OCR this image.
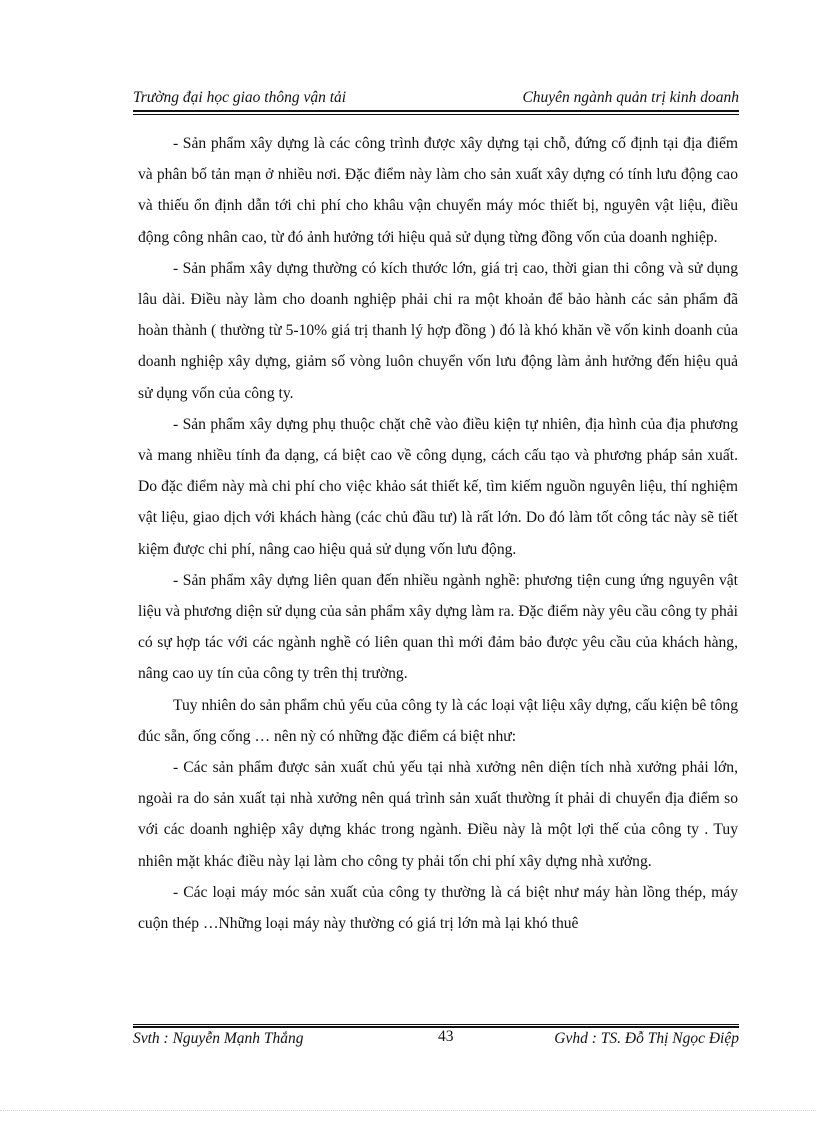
Trường đại học giao thông vận tải	Chuyên ngành quản trị kinh doanh

- Sản phẩm xây dựng là các công trình được xây dựng tại chỗ, đứng cố định tại địa điểm và phân bố tản mạn ở nhiều nơi. Đặc điểm này làm cho sản xuất xây dựng có tính lưu động cao và thiếu ổn định dẫn tới chi phí cho khâu vận chuyển máy móc thiết bị, nguyên vật liệu, điều động công nhân cao, từ đó ảnh hưởng tới hiệu quả sử dụng từng đồng vốn của doanh nghiệp.

- Sản phẩm xây dựng thường có kích thước lớn, giá trị cao, thời gian thi công và sử dụng lâu dài. Điều này làm cho doanh nghiệp phải chi ra một khoản để bảo hành các sản phẩm đã hoàn thành ( thường từ 5-10% giá trị thanh lý hợp đồng ) đó là khó khăn về vốn kinh doanh của doanh nghiệp xây dựng, giảm số vòng luôn chuyển vốn lưu động làm ảnh hưởng đến hiệu quả sử dụng vốn của công ty.

- Sản phẩm xây dựng phụ thuộc chặt chẽ vào điều kiện tự nhiên, địa hình của địa phương và mang nhiều tính đa dạng, cá biệt cao về công dụng, cách cấu tạo và phương pháp sản xuất. Do đặc điểm này mà chi phí cho việc khảo sát thiết kế, tìm kiếm nguồn nguyên liệu, thí nghiệm vật liệu, giao dịch với khách hàng (các chủ đầu tư) là rất lớn. Do đó làm tốt công tác này sẽ tiết kiệm được chi phí, nâng cao hiệu quả sử dụng vốn lưu động.

- Sản phẩm xây dựng liên quan đến nhiều ngành nghề: phương tiện cung ứng nguyên vật liệu và phương diện sử dụng của sản phẩm xây dựng làm ra. Đặc điểm này yêu cầu công ty phải có sự hợp tác với các ngành nghề có liên quan thì mới đảm bảo được yêu cầu của khách hàng, nâng cao uy tín của công ty trên thị trường.

Tuy nhiên do sản phẩm chủ yếu của công ty là các loại vật liệu xây dựng, cấu kiện bê tông đúc sẵn, ống cống … nên nỳ có những đặc điểm cá biệt như:

- Các sản phẩm được sản xuất chủ yếu tại nhà xưởng nên diện tích nhà xưởng phải lớn, ngoài ra do sản xuất tại nhà xưởng nên quá trình sản xuất thường ít phải di chuyển địa điểm so với các doanh nghiệp xây dựng khác trong ngành. Điều này là một lợi thế của công ty . Tuy nhiên mặt khác điều này lại làm cho công ty phải tốn chi phí xây dựng nhà xưởng.

- Các loại máy móc sản xuất của công ty thường là cá biệt như máy hàn lồng thép, máy cuộn thép …Những loại máy này thường có giá trị lớn mà lại khó thuê

Svth : Nguyễn Mạnh Thắng	43	Gvhd : TS. Đỗ Thị Ngọc Điệp
